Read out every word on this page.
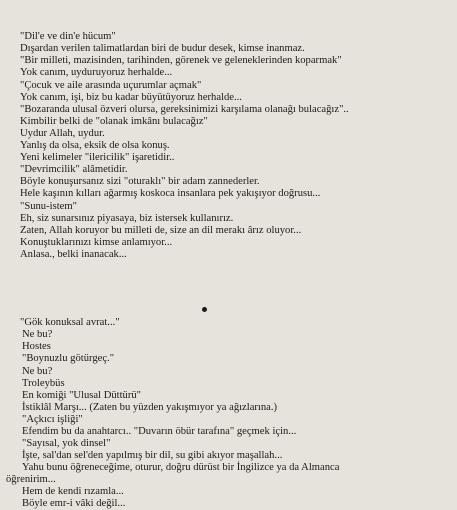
"Dil'e ve din'e hücum"
Dışardan verilen talimatlardan biri de budur desek, kimse inanmaz.
"Bir milleti, mazisinden, tarihinden, görenek ve geleneklerinden koparmak"
Yok canım, uyduruyoruz herhalde...
"Çocuk ve aile arasında uçurumlar açmak"
Yok canım, işi, biz bu kadar büyütüyoruz herhalde...
"Bozaranda ulusal özveri olursa, gereksinimizi karşılama olanağı bulacağız"..
Kimbilir belki de "olanak imkânı bulacağız"
Uydur Allah, uydur.
Yanlış da olsa, eksik de olsa konuş.
Yeni kelimeler "ilericilik" işaretidir..
"Devrimcilik" alâmetidir.
Böyle konuşursanız sizi "oturaklı" bir adam zannederler.
Hele kaşının kılları ağarmış koskoca insanlara pek yakışıyor doğrusu...
"Sunu-istem"
Eh, siz sunarsınız piyasaya, biz istersek kullanırız.
Zaten, Allah koruyor bu milleti de, size an dil merakı ârız oluyor...
Konuştuklarınızı kimse anlamıyor...
Anlasa., belki inanacak...
"Gök konuksal avrat..."
Ne bu?
Hostes
"Boynuzlu götürgeç."
Ne bu?
Troleybüs
En komiği "Ulusal Düttürü"
İstiklâl Marşı... (Zaten bu yüzden yakışmıyor ya ağızlarına.)
"Açkıcı işliği"
Efendim bu da anahtarcı.. "Duvarın öbür tarafına" geçmek için...
"Sayısal, yok dinsel"
İşte, sal'dan sel'den yapılmış bir dil, su gibi akıyor maşallah...
Yahu bunu öğreneceğime, oturur, doğru dürüst bir İngilizce ya da Almanca
öğrenirim...
Hem de kendi rızamla...
Böyle emr-i vâki değil...
